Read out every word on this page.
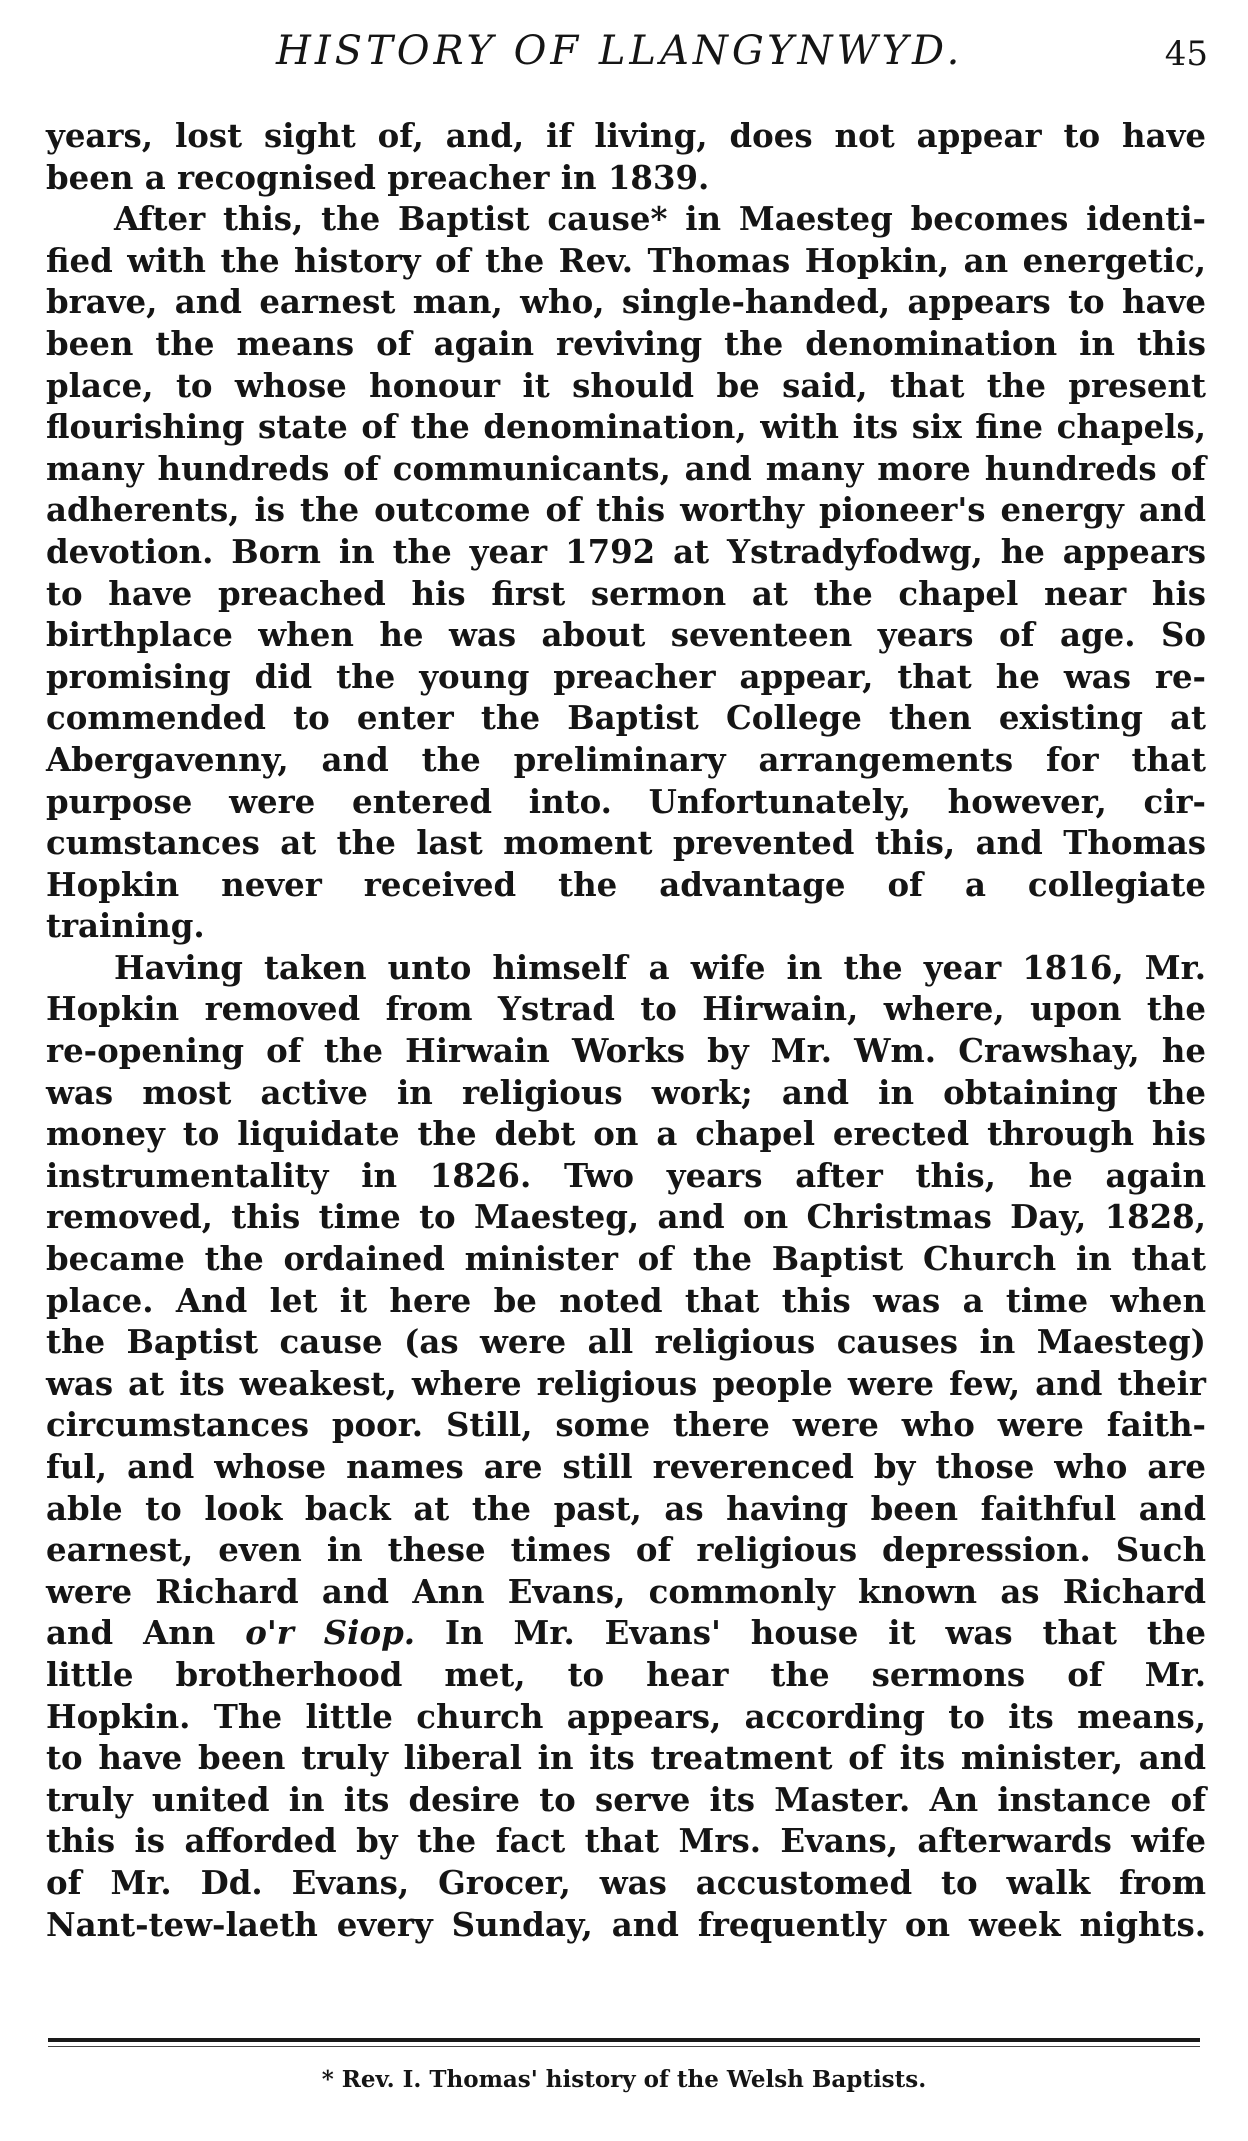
HISTORY OF LLANGYNWYD.	45
years, lost sight of, and, if living, does not appear to have
been a recognised preacher in 1839.
After this, the Baptist cause* in Maesteg becomes identi-
fied with the history of the Rev. Thomas Hopkin, an energetic,
brave, and earnest man, who, single-handed, appears to have
been the means of again reviving the denomination in this
place, to whose honour it should be said, that the present
flourishing state of the denomination, with its six fine chapels,
many hundreds of communicants, and many more hundreds of
adherents, is the outcome of this worthy pioneer's energy and
devotion. Born in the year 1792 at Ystradyfodwg, he appears
to have preached his first sermon at the chapel near his
birthplace when he was about seventeen years of age. So
promising did the young preacher appear, that he was re-
commended to enter the Baptist College then existing at
Abergavenny, and the preliminary arrangements for that
purpose were entered into. Unfortunately, however, cir-
cumstances at the last moment prevented this, and Thomas
Hopkin never received the advantage of a collegiate
training.
Having taken unto himself a wife in the year 1816, Mr.
Hopkin removed from Ystrad to Hirwain, where, upon the
re-opening of the Hirwain Works by Mr. Wm. Crawshay, he
was most active in religious work; and in obtaining the
money to liquidate the debt on a chapel erected through his
instrumentality in 1826. Two years after this, he again
removed, this time to Maesteg, and on Christmas Day, 1828,
became the ordained minister of the Baptist Church in that
place. And let it here be noted that this was a time when
the Baptist cause (as were all religious causes in Maesteg)
was at its weakest, where religious people were few, and their
circumstances poor. Still, some there were who were faith-
ful, and whose names are still reverenced by those who are
able to look back at the past, as having been faithful and
earnest, even in these times of religious depression. Such
were Richard and Ann Evans, commonly known as Richard
and Ann o'r Siop. In Mr. Evans' house it was that the
little brotherhood met, to hear the sermons of Mr.
Hopkin. The little church appears, according to its means,
to have been truly liberal in its treatment of its minister, and
truly united in its desire to serve its Master. An instance of
this is afforded by the fact that Mrs. Evans, afterwards wife
of Mr. Dd. Evans, Grocer, was accustomed to walk from
Nant-tew-laeth every Sunday, and frequently on week nights.
* Rev. I. Thomas' history of the Welsh Baptists.
